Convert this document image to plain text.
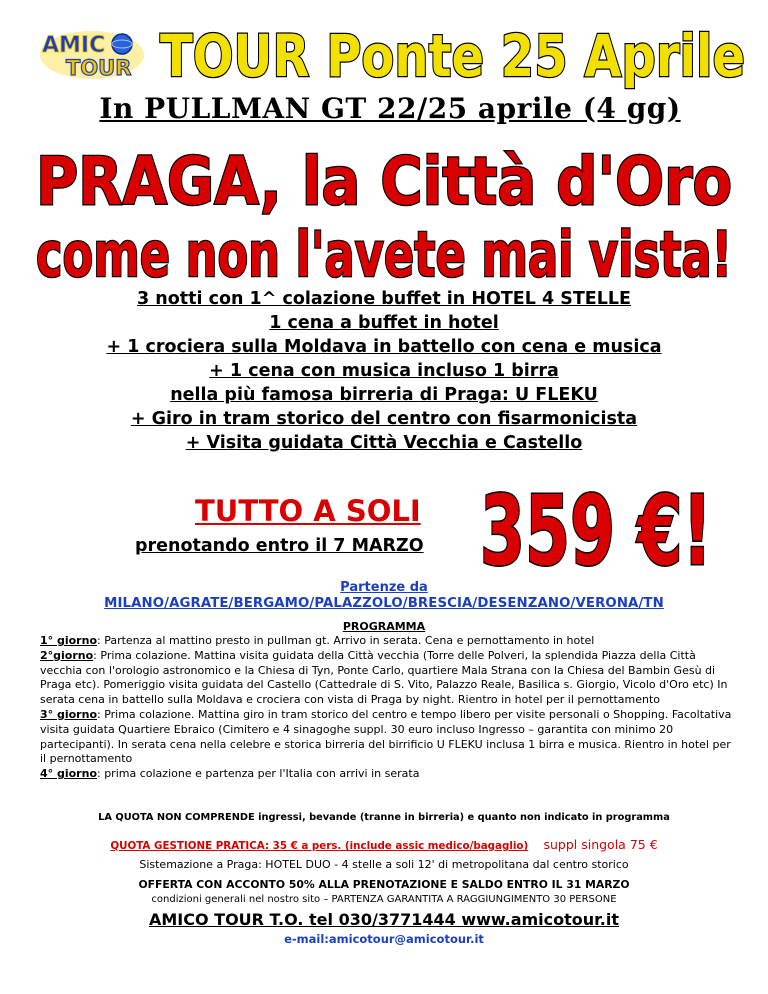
AMIC
TOUR TOUR Ponte 25 Aprile
In PULLMAN GT 22/25 aprile (4 gg)
PRAGA, la Città d'Oro
come non l'avete mai vista!
3 notti con 1^ colazione buffet in HOTEL 4 STELLE
1 cena a buffet in hotel
+ 1 crociera sulla Moldava in battello con cena e musica
+ 1 cena con musica incluso 1 birra
nella più famosa birreria di Praga: U FLEKU
+ Giro in tram storico del centro con fisarmonicista
+ Visita guidata Città Vecchia e Castello
TUTTO A SOLI
prenotando entro il 7 MARZO 359 €!
Partenze da
MILANO/AGRATE/BERGAMO/PALAZZOLO/BRESCIA/DESENZANO/VERONA/TN
PROGRAMMA

1° giorno: Partenza al mattino presto in pullman gt. Arrivo in serata. Cena e pernottamento in hotel

2°giorno: Prima colazione. Mattina visita guidata della Città vecchia (Torre delle Polveri, la splendida Piazza della Città vecchia con l'orologio astronomico e la Chiesa di Tyn, Ponte Carlo, quartiere Mala Strana con la Chiesa del Bambin Gesù di Praga etc). Pomeriggio visita guidata del Castello (Cattedrale di S. Vito, Palazzo Reale, Basilica s. Giorgio, Vicolo d'Oro etc) In serata cena in battello sulla Moldava e crociera con vista di Praga by night. Rientro in hotel per il pernottamento

3° giorno: Prima colazione. Mattina giro in tram storico del centro e tempo libero per visite personali o Shopping. Facoltativa visita guidata Quartiere Ebraico (Cimitero e 4 sinagoghe suppl. 30 euro incluso Ingresso – garantita con minimo 20 partecipanti). In serata cena nella celebre e storica birreria del birrificio U FLEKU inclusa 1 birra e musica. Rientro in hotel per il pernottamento

4° giorno: prima colazione e partenza per l'Italia con arrivi in serata

LA QUOTA NON COMPRENDE ingressi, bevande (tranne in birreria) e quanto non indicato in programma
QUOTA GESTIONE PRATICA: 35 € a pers. (include assic medico/bagaglio) suppl singola 75 €
Sistemazione a Praga: HOTEL DUO - 4 stelle a soli 12' di metropolitana dal centro storico
OFFERTA CON ACCONTO 50% ALLA PRENOTAZIONE E SALDO ENTRO IL 31 MARZO
condizioni generali nel nostro sito – PARTENZA GARANTITA A RAGGIUNGIMENTO 30 PERSONE
AMICO TOUR T.O. tel 030/3771444 www.amicotour.it
e-mail:amicotour@amicotour.it
